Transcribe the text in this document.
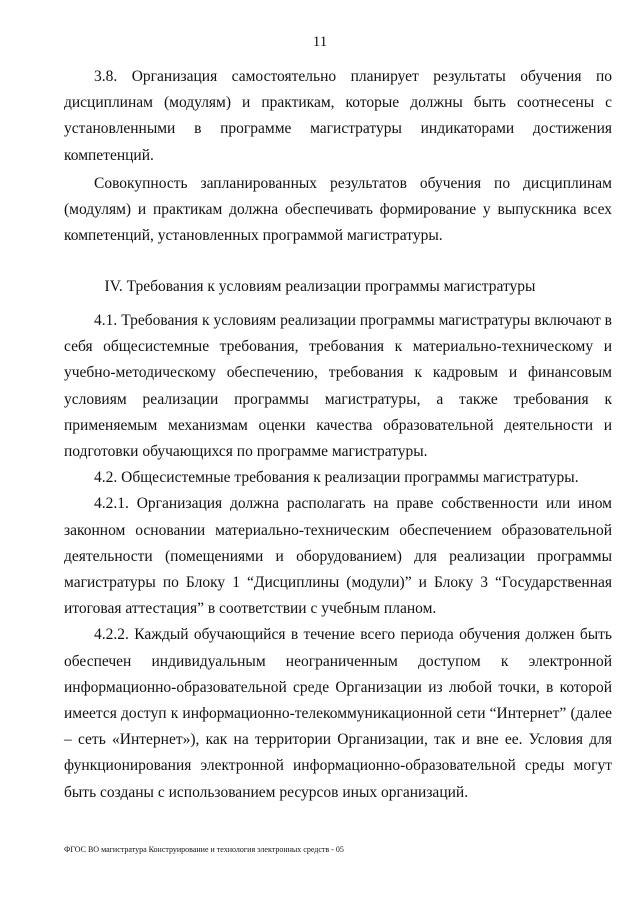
11

3.8. Организация самостоятельно планирует результаты обучения по дисциплинам (модулям) и практикам, которые должны быть соотнесены с установленными в программе магистратуры индикаторами достижения компетенций.

Совокупность запланированных результатов обучения по дисциплинам (модулям) и практикам должна обеспечивать формирование у выпускника всех компетенций, установленных программой магистратуры.

IV. Требования к условиям реализации программы магистратуры

4.1. Требования к условиям реализации программы магистратуры включают в себя общесистемные требования, требования к материально-техническому и учебно-методическому обеспечению, требования к кадровым и финансовым условиям реализации программы магистратуры, а также требования к применяемым механизмам оценки качества образовательной деятельности и подготовки обучающихся по программе магистратуры.

4.2. Общесистемные требования к реализации программы магистратуры.

4.2.1. Организация должна располагать на праве собственности или ином законном основании материально-техническим обеспечением образовательной деятельности (помещениями и оборудованием) для реализации программы магистратуры по Блоку 1 “Дисциплины (модули)” и Блоку 3 “Государственная итоговая аттестация” в соответствии с учебным планом.

4.2.2. Каждый обучающийся в течение всего периода обучения должен быть обеспечен индивидуальным неограниченным доступом к электронной информационно-образовательной среде Организации из любой точки, в которой имеется доступ к информационно-телекоммуникационной сети “Интернет” (далее – сеть «Интернет»), как на территории Организации, так и вне ее. Условия для функционирования электронной информационно-образовательной среды могут быть созданы с использованием ресурсов иных организаций.

ФГОС ВО магистратура Конструирование и технология электронных средств - 05
